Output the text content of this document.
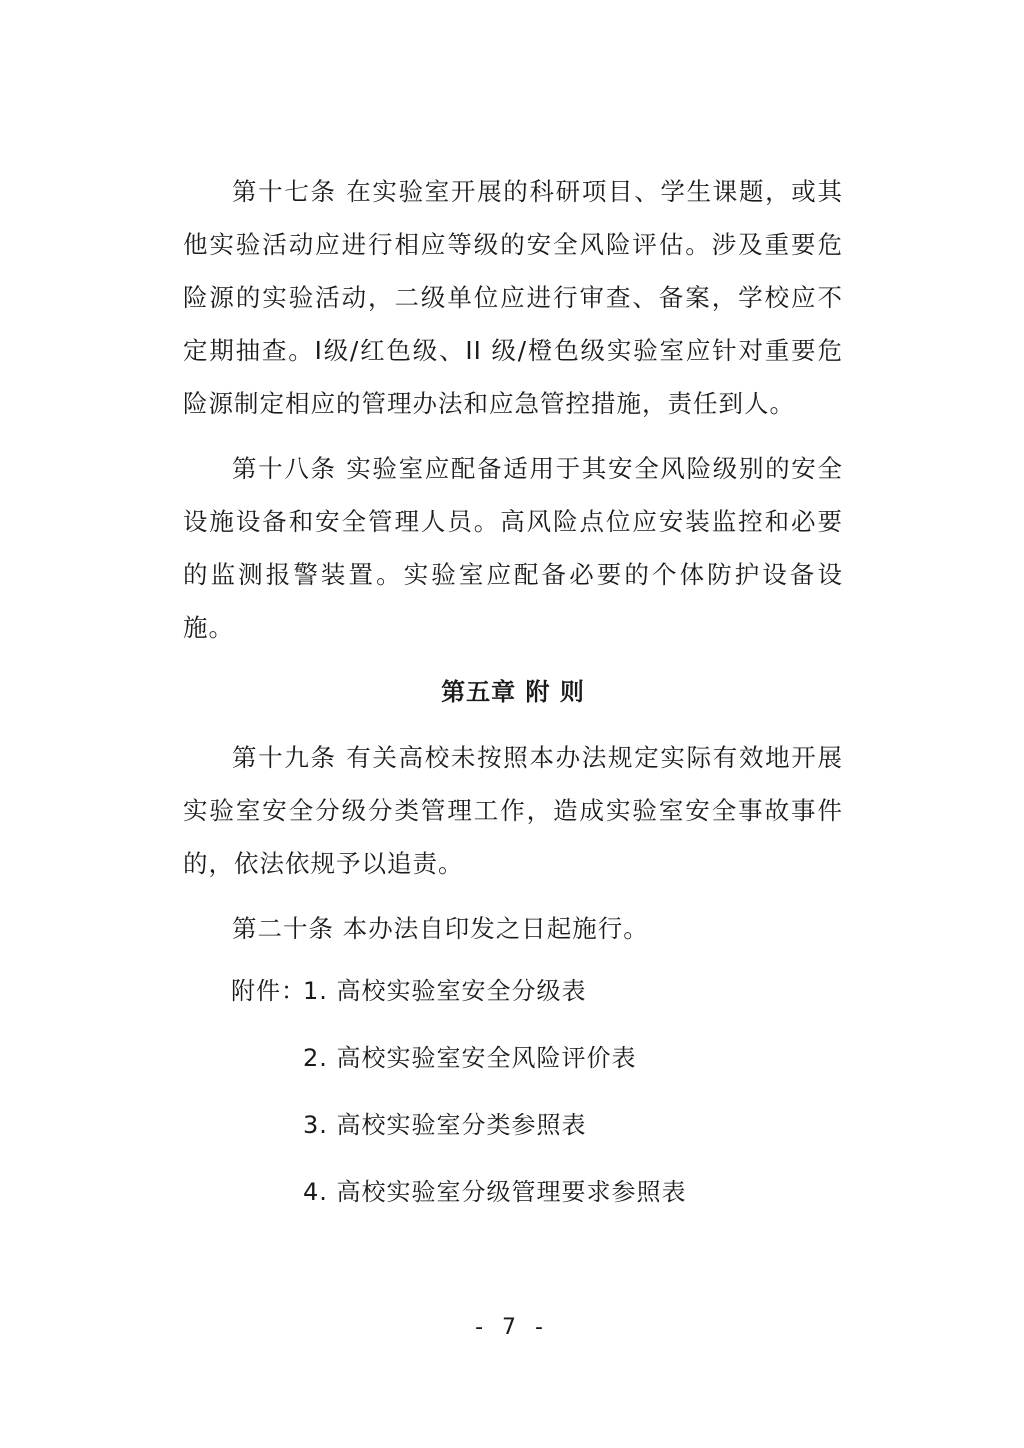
第十七条 在实验室开展的科研项目、学生课题，或其他实验活动应进行相应等级的安全风险评估。涉及重要危险源的实验活动，二级单位应进行审查、备案，学校应不定期抽查。I级/红色级、II 级/橙色级实验室应针对重要危险源制定相应的管理办法和应急管控措施，责任到人。

第十八条 实验室应配备适用于其安全风险级别的安全设施设备和安全管理人员。高风险点位应安装监控和必要的监测报警装置。实验室应配备必要的个体防护设备设施。

第五章 附 则

第十九条 有关高校未按照本办法规定实际有效地开展实验室安全分级分类管理工作，造成实验室安全事故事件的，依法依规予以追责。

第二十条 本办法自印发之日起施行。

附件：1. 高校实验室安全分级表
2. 高校实验室安全风险评价表
3. 高校实验室分类参照表
4. 高校实验室分级管理要求参照表
- 7 -
